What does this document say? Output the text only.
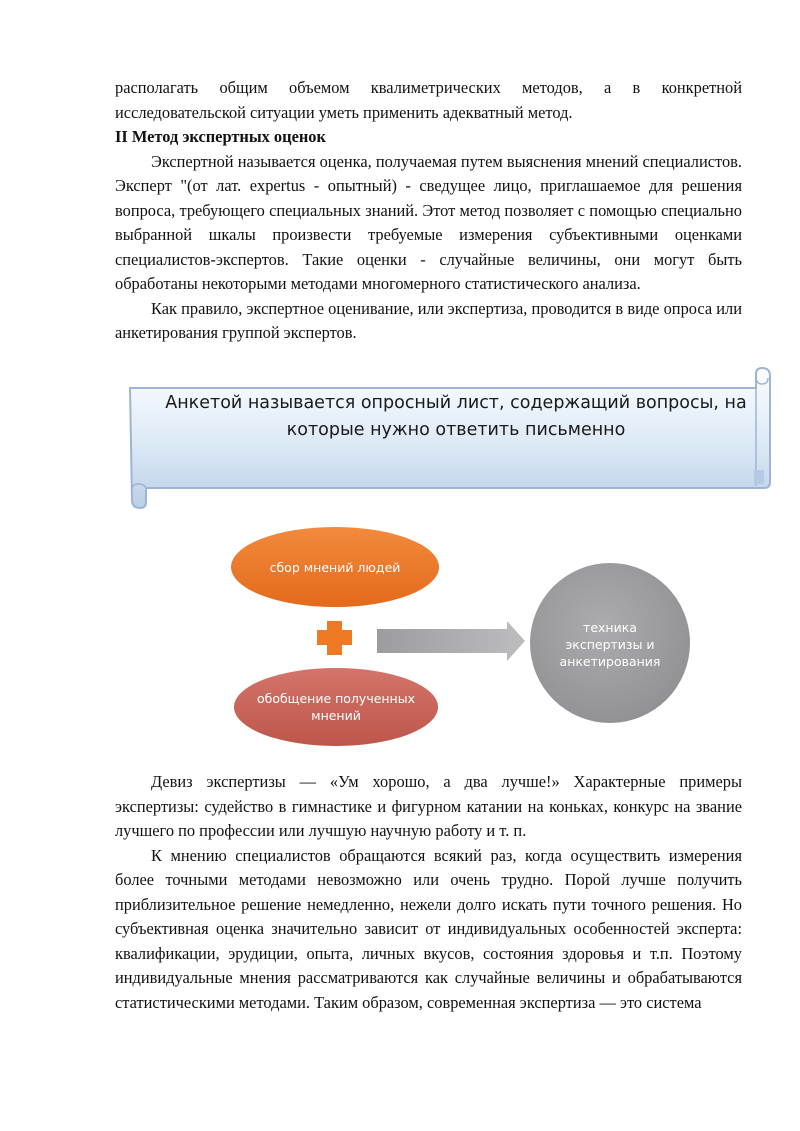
располагать общим объемом квалиметрических методов, а в конкретной исследовательской ситуации уметь применить адекватный метод.

II Метод экспертных оценок

Экспертной называется оценка, получаемая путем выяснения мнений специалистов. Эксперт "(от лат. expertus - опытный) - сведущее лицо, приглашаемое для решения вопроса, требующего специальных знаний. Этот метод позволяет с помощью специально выбранной шкалы произвести требуемые измерения субъективными оценками специалистов-экспертов. Такие оценки - случайные величины, они могут быть обработаны некоторыми методами многомерного статистического анализа.

Как правило, экспертное оценивание, или экспертиза, проводится в виде опроса или анкетирования группой экспертов.

Анкетой называется опросный лист, содержащий вопросы, на которые нужно ответить письменно
сбор мнений людей
обобщение полученных мнений
техника экспертизы и анкетирования

Девиз экспертизы — «Ум хорошо, а два лучше!» Характерные примеры экспертизы: судейство в гимнастике и фигурном катании на коньках, конкурс на звание лучшего по профессии или лучшую научную работу и т. п.

К мнению специалистов обращаются всякий раз, когда осуществить измерения более точными методами невозможно или очень трудно. Порой лучше получить приблизительное решение немедленно, нежели долго искать пути точного решения. Но субъективная оценка значительно зависит от индивидуальных особенностей эксперта: квалификации, эрудиции, опыта, личных вкусов, состояния здоровья и т.п. Поэтому индивидуальные мнения рассматриваются как случайные величины и обрабатываются статистическими методами. Таким образом, современная экспертиза — это система
